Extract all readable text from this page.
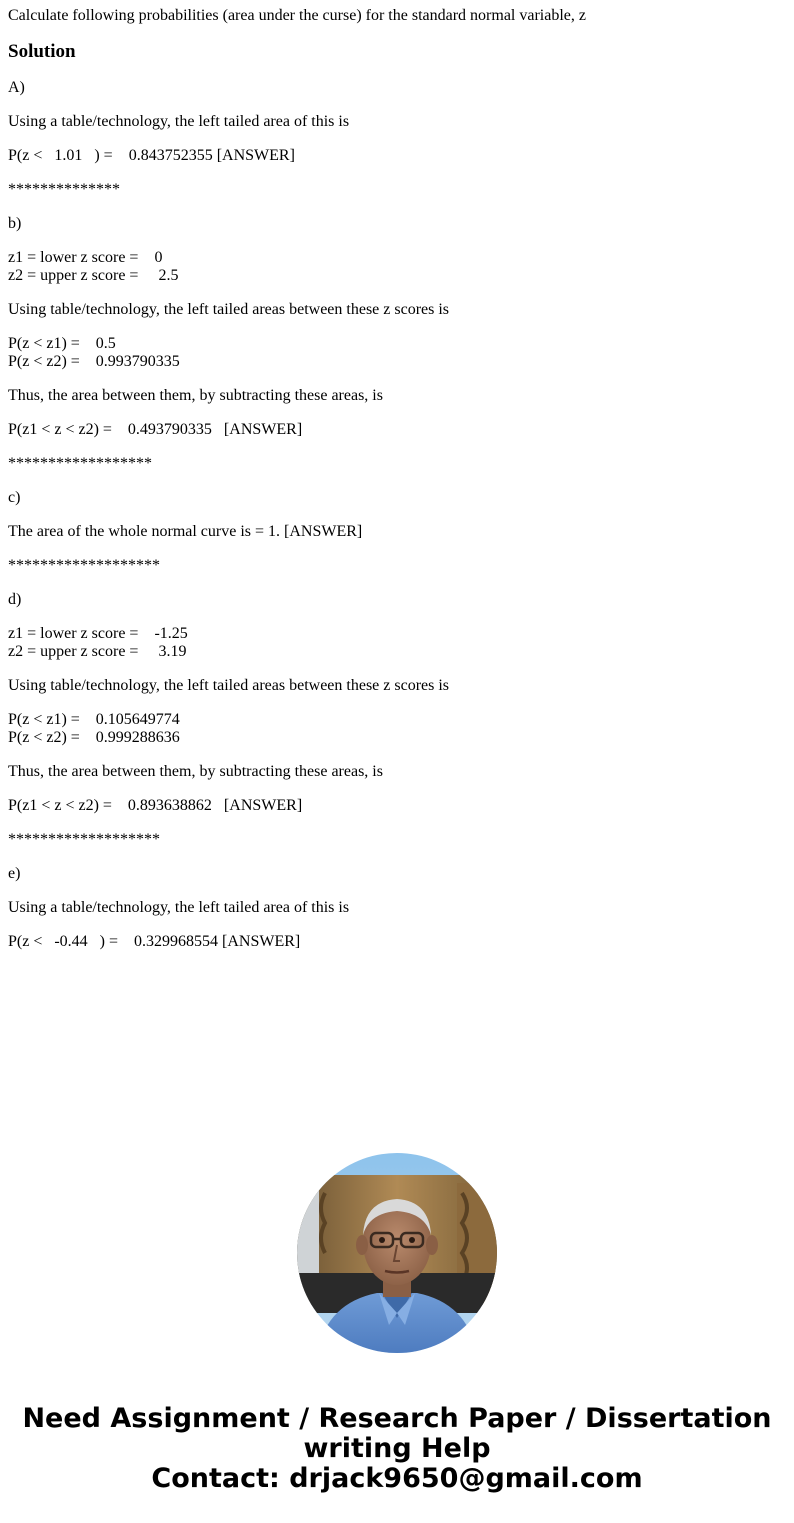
Calculate following probabilities (area under the curse) for the standard normal variable, z

Solution

A)

Using a table/technology, the left tailed area of this is

P(z <   1.01   ) =    0.843752355 [ANSWER]

**************

b)

z1 = lower z score =    0

z2 = upper z score =     2.5

Using table/technology, the left tailed areas between these z scores is

P(z < z1) =    0.5

P(z < z2) =    0.993790335

Thus, the area between them, by subtracting these areas, is

P(z1 < z < z2) =    0.493790335   [ANSWER]

******************

c)

The area of the whole normal curve is = 1. [ANSWER]

*******************

d)

z1 = lower z score =    -1.25

z2 = upper z score =     3.19

Using table/technology, the left tailed areas between these z scores is

P(z < z1) =    0.105649774

P(z < z2) =    0.999288636

Thus, the area between them, by subtracting these areas, is

P(z1 < z < z2) =    0.893638862   [ANSWER]

*******************

e)

Using a table/technology, the left tailed area of this is

P(z <   -0.44   ) =    0.329968554 [ANSWER]

Need Assignment / Research Paper / Dissertation
writing Help
Contact: drjack9650@gmail.com
